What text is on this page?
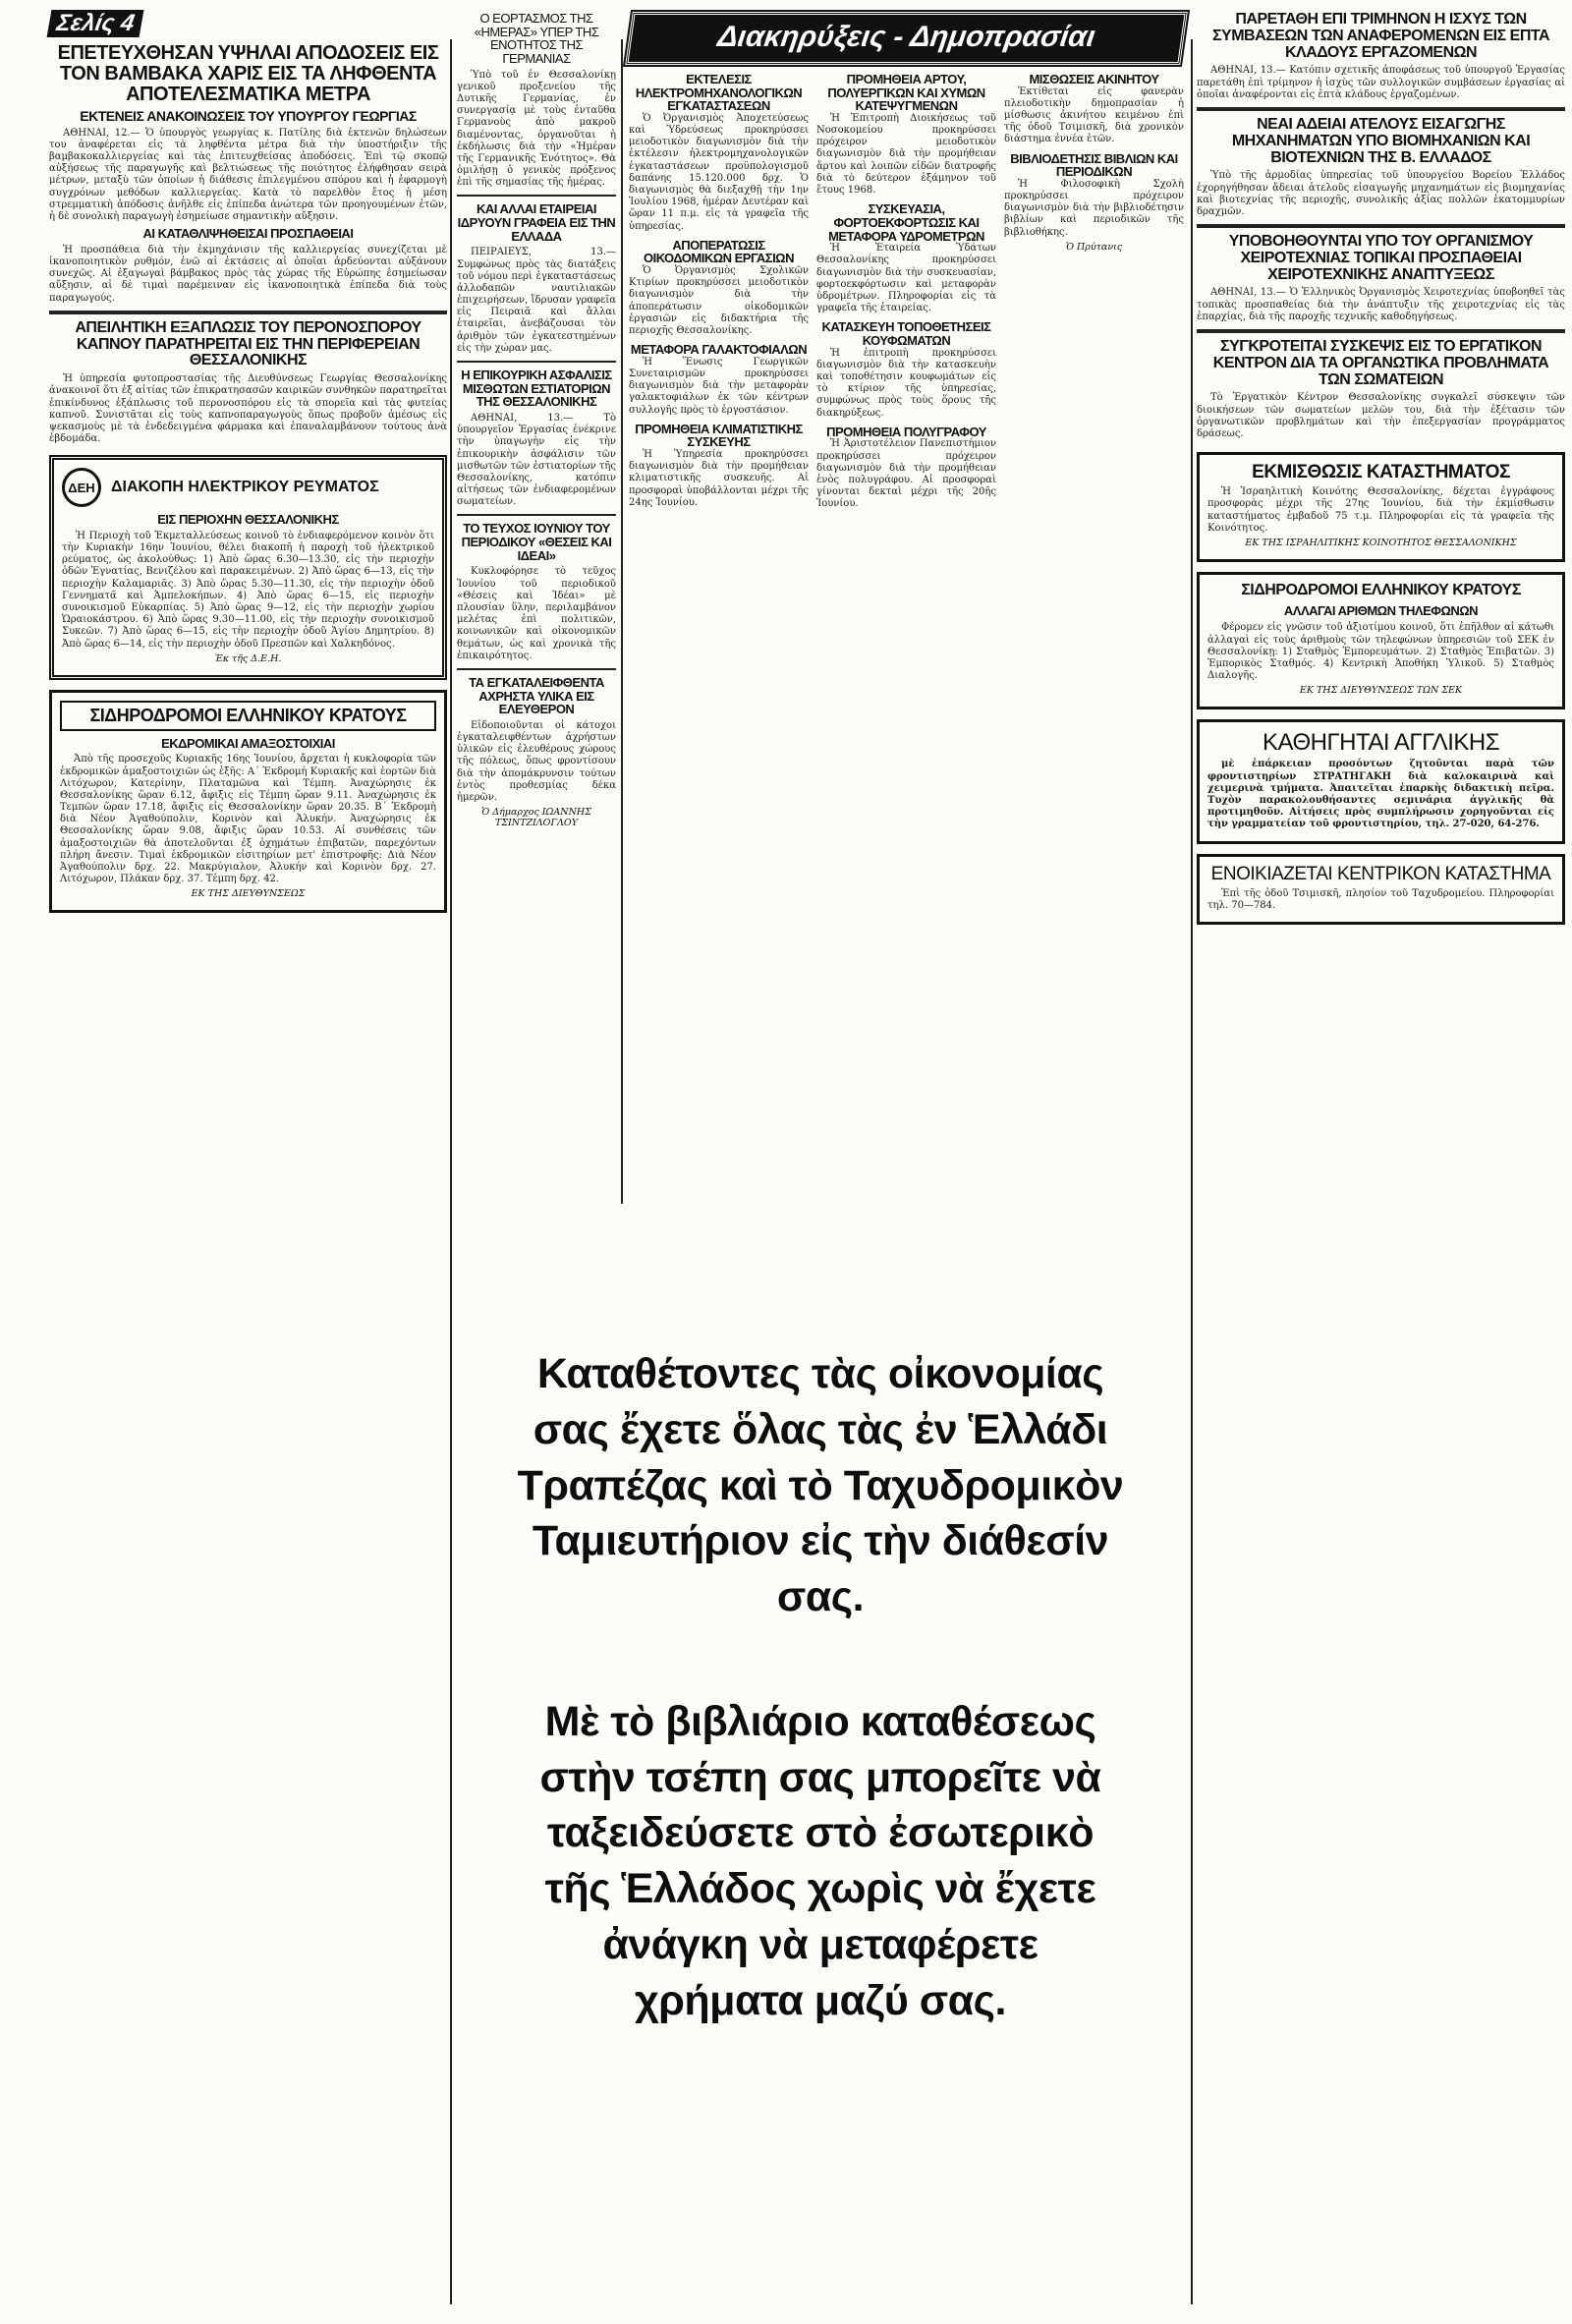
Σελίς 4
ΕΠΕΤΕΥΧΘΗΣΑΝ ΥΨΗΛΑΙ ΑΠΟΔΟΣΕΙΣ ΕΙΣ ΤΟΝ ΒΑΜΒΑΚΑ ΧΑΡΙΣ ΕΙΣ ΤΑ ΛΗΦΘΕΝΤΑ ΑΠΟΤΕΛΕΣΜΑΤΙΚΑ ΜΕΤΡΑ
ΕΚΤΕΝΕΙΣ ΑΝΑΚΟΙΝΩΣΕΙΣ ΤΟΥ ΥΠΟΥΡΓΟΥ ΓΕΩΡΓΙΑΣ

ΑΘΗΝΑΙ, 12.— Ὁ ὑπουργὸς γεωργίας κ. Πατίλης διὰ ἐκτενῶν δηλώσεων του ἀναφέρεται εἰς τὰ ληφθέντα μέτρα διὰ τὴν ὑποστήριξιν τῆς βαμβακοκαλλιεργείας καὶ τὰς ἐπιτευχθείσας ἀποδόσεις. Ἐπὶ τῷ σκοπῷ αὐξήσεως τῆς παραγωγῆς καὶ βελτιώσεως τῆς ποιότητος ἐλήφθησαν σειρὰ μέτρων, μεταξὺ τῶν ὁποίων ἡ διάθεσις ἐπιλεγμένου σπόρου καὶ ἡ ἐφαρμογὴ συγχρόνων μεθόδων καλλιεργείας. Κατὰ τὸ παρελθὸν ἔτος ἡ μέση στρεμματικὴ ἀπόδοσις ἀνῆλθε εἰς ἐπίπεδα ἀνώτερα τῶν προηγουμένων ἐτῶν, ἡ δὲ συνολικὴ παραγωγὴ ἐσημείωσε σημαντικὴν αὔξησιν.

ΑΙ ΚΑΤΑΘΛΙΨΗΘΕΙΣΑΙ ΠΡΟΣΠΑΘΕΙΑΙ

Ἡ προσπάθεια διὰ τὴν ἐκμηχάνισιν τῆς καλλιεργείας συνεχίζεται μὲ ἱκανοποιητικὸν ρυθμόν, ἐνῶ αἱ ἐκτάσεις αἱ ὁποῖαι ἀρδεύονται αὐξάνουν συνεχῶς. Αἱ ἐξαγωγαὶ βάμβακος πρὸς τὰς χώρας τῆς Εὐρώπης ἐσημείωσαν αὔξησιν, αἱ δὲ τιμαὶ παρέμειναν εἰς ἱκανοποιητικὰ ἐπίπεδα διὰ τοὺς παραγωγούς.

ΑΠΕΙΛΗΤΙΚΗ ΕΞΑΠΛΩΣΙΣ ΤΟΥ ΠΕΡΟΝΟΣΠΟΡΟΥ ΚΑΠΝΟΥ ΠΑΡΑΤΗΡΕΙΤΑΙ ΕΙΣ ΤΗΝ ΠΕΡΙΦΕΡΕΙΑΝ ΘΕΣΣΑΛΟΝΙΚΗΣ

Ἡ ὑπηρεσία φυτοπροστασίας τῆς Διευθύνσεως Γεωργίας Θεσσαλονίκης ἀνακοινοῖ ὅτι ἐξ αἰτίας τῶν ἐπικρατησασῶν καιρικῶν συνθηκῶν παρατηρεῖται ἐπικίνδυνος ἐξάπλωσις τοῦ περονοσπόρου εἰς τὰ σπορεῖα καὶ τὰς φυτείας καπνοῦ. Συνιστᾶται εἰς τοὺς καπνοπαραγωγοὺς ὅπως προβοῦν ἀμέσως εἰς ψεκασμοὺς μὲ τὰ ἐνδεδειγμένα φάρμακα καὶ ἐπαναλαμβάνουν τούτους ἀνὰ ἑβδομάδα.

ΔΕΗ	ΔΙΑΚΟΠΗ ΗΛΕΚΤΡΙΚΟΥ ΡΕΥΜΑΤΟΣ
ΕΙΣ ΠΕΡΙΟΧΗΝ ΘΕΣΣΑΛΟΝΙΚΗΣ

Ἡ Περιοχὴ τοῦ Ἐκμεταλλεύσεως κοινοῦ τὸ ἐνδιαφερόμενον κοινὸν ὅτι τὴν Κυριακὴν 16ην Ἰουνίου, θέλει διακοπῆ ἡ παροχὴ τοῦ ἠλεκτρικοῦ ρεύματος, ὡς ἀκολούθως: 1) Ἀπὸ ὥρας 6.30—13.30, εἰς τὴν περιοχὴν ὁδῶν Ἐγνατίας, Βενιζέλου καὶ παρακειμένων. 2) Ἀπὸ ὥρας 6—13, εἰς τὴν περιοχὴν Καλαμαριᾶς. 3) Ἀπὸ ὥρας 5.30—11.30, εἰς τὴν περιοχὴν ὁδοῦ Γεννηματᾶ καὶ Ἀμπελοκήπων. 4) Ἀπὸ ὥρας 6—15, εἰς περιοχὴν συνοικισμοῦ Εὐκαρπίας. 5) Ἀπὸ ὥρας 9—12, εἰς τὴν περιοχὴν χωρίου Ὡραιοκάστρου. 6) Ἀπὸ ὥρας 9.30—11.00, εἰς τὴν περιοχὴν συνοικισμοῦ Συκεῶν. 7) Ἀπὸ ὥρας 6—15, εἰς τὴν περιοχὴν ὁδοῦ Ἁγίου Δημητρίου. 8) Ἀπὸ ὥρας 6—14, εἰς τὴν περιοχὴν ὁδοῦ Πρεσπῶν καὶ Χαλκηδόνος.

Ἐκ τῆς Δ.Ε.Η.
ΣΙΔΗΡΟΔΡΟΜΟΙ ΕΛΛΗΝΙΚΟΥ ΚΡΑΤΟΥΣ
ΕΚΔΡΟΜΙΚΑΙ ΑΜΑΞΟΣΤΟΙΧΙΑΙ

Ἀπὸ τῆς προσεχοῦς Κυριακῆς 16ης Ἰουνίου, ἄρχεται ἡ κυκλοφορία τῶν ἐκδρομικῶν ἀμαξοστοιχιῶν ὡς ἑξῆς: Α΄ Ἐκδρομὴ Κυριακῆς καὶ ἑορτῶν διὰ Λιτόχωρον, Κατερίνην, Πλαταμῶνα καὶ Τέμπη. Ἀναχώρησις ἐκ Θεσσαλονίκης ὥραν 6.12, ἄφιξις εἰς Τέμπη ὥραν 9.11. Ἀναχώρησις ἐκ Τεμπῶν ὥραν 17.18, ἄφιξις εἰς Θεσσαλονίκην ὥραν 20.35. Β΄ Ἐκδρομὴ διὰ Νέον Ἀγαθούπολιν, Κορινὸν καὶ Ἀλυκήν. Ἀναχώρησις ἐκ Θεσσαλονίκης ὥραν 9.08, ἄφιξις ὥραν 10.53. Αἱ συνθέσεις τῶν ἀμαξοστοιχιῶν θὰ ἀποτελοῦνται ἐξ ὀχημάτων ἐπιβατῶν, παρεχόντων πλήρη ἄνεσιν. Τιμαὶ ἐκδρομικῶν εἰσιτηρίων μετ' ἐπιστροφῆς: Διὰ Νέον Ἀγαθούπολιν δρχ. 22. Μακρύγιαλον, Ἀλυκήν καὶ Κορινὸν δρχ. 27. Λιτόχωρον, Πλάκαν δρχ. 37. Τέμπη δρχ. 42.

ΕΚ ΤΗΣ ΔΙΕΥΘΥΝΣΕΩΣ
Ο ΕΟΡΤΑΣΜΟΣ ΤΗΣ «ΗΜΕΡΑΣ» ΥΠΕΡ ΤΗΣ ΕΝΟΤΗΤΟΣ ΤΗΣ ΓΕΡΜΑΝΙΑΣ

Ὑπὸ τοῦ ἐν Θεσσαλονίκῃ γενικοῦ προξενείου τῆς Δυτικῆς Γερμανίας, ἐν συνεργασίᾳ μὲ τοὺς ἐνταῦθα Γερμανοὺς ἀπὸ μακροῦ διαμένοντας, ὀργανοῦται ἡ ἐκδήλωσις διὰ τὴν «Ἡμέραν τῆς Γερμανικῆς Ἑνότητος». Θὰ ὁμιλήσῃ ὁ γενικὸς πρόξενος ἐπὶ τῆς σημασίας τῆς ἡμέρας.

ΚΑΙ ΑΛΛΑΙ ΕΤΑΙΡΕΙΑΙ ΙΔΡΥΟΥΝ ΓΡΑΦΕΙΑ ΕΙΣ ΤΗΝ ΕΛΛΑΔΑ

ΠΕΙΡΑΙΕΥΣ, 13.— Συμφώνως πρὸς τὰς διατάξεις τοῦ νόμου περὶ ἐγκαταστάσεως ἀλλοδαπῶν ναυτιλιακῶν ἐπιχειρήσεων, ἵδρυσαν γραφεῖα εἰς Πειραιᾶ καὶ ἄλλαι ἐταιρεῖαι, ἀνεβάζουσαι τὸν ἀριθμὸν τῶν ἐγκατεστημένων εἰς τὴν χώραν μας.

Η ΕΠΙΚΟΥΡΙΚΗ ΑΣΦΑΛΙΣΙΣ ΜΙΣΘΩΤΩΝ ΕΣΤΙΑΤΟΡΙΩΝ ΤΗΣ ΘΕΣΣΑΛΟΝΙΚΗΣ

ΑΘΗΝΑΙ, 13.— Τὸ ὑπουργεῖον Ἐργασίας ἐνέκρινε τὴν ὑπαγωγὴν εἰς τὴν ἐπικουρικὴν ἀσφάλισιν τῶν μισθωτῶν τῶν ἐστιατορίων τῆς Θεσσαλονίκης, κατόπιν αἰτήσεως τῶν ἐνδιαφερομένων σωματείων.

ΤΟ ΤΕΥΧΟΣ ΙΟΥΝΙΟΥ ΤΟΥ ΠΕΡΙΟΔΙΚΟΥ «ΘΕΣΕΙΣ ΚΑΙ ΙΔΕΑΙ»

Κυκλοφόρησε τὸ τεῦχος Ἰουνίου τοῦ περιοδικοῦ «Θέσεις καὶ Ἰδέαι» μὲ πλουσίαν ὕλην, περιλαμβάνον μελέτας ἐπὶ πολιτικῶν, κοινωνικῶν καὶ οἰκονομικῶν θεμάτων, ὡς καὶ χρονικὰ τῆς ἐπικαιρότητος.

ΤΑ ΕΓΚΑΤΑΛΕΙΦΘΕΝΤΑ ΑΧΡΗΣΤΑ ΥΛΙΚΑ ΕΙΣ ΕΛΕΥΘΕΡΟΝ

Εἰδοποιοῦνται οἱ κάτοχοι ἐγκαταλειφθέντων ἀχρήστων ὑλικῶν εἰς ἐλευθέρους χώρους τῆς πόλεως, ὅπως φροντίσουν διὰ τὴν ἀπομάκρυνσιν τούτων ἐντὸς προθεσμίας δέκα ἡμερῶν.

Ὁ Δήμαρχος ΙΩΑΝΝΗΣ ΤΣΙΝΤΖΙΛΟΓΛΟΥ
Διακηρύξεις - Δημοπρασίαι
ΕΚΤΕΛΕΣΙΣ ΗΛΕΚΤΡΟΜΗΧΑΝΟΛΟΓΙΚΩΝ ΕΓΚΑΤΑΣΤΑΣΕΩΝ

Ὁ Ὀργανισμὸς Ἀποχετεύσεως καὶ Ὑδρεύσεως προκηρύσσει μειοδοτικὸν διαγωνισμὸν διὰ τὴν ἐκτέλεσιν ἠλεκτρομηχανολογικῶν ἐγκαταστάσεων προϋπολογισμοῦ δαπάνης 15.120.000 δρχ. Ὁ διαγωνισμὸς θὰ διεξαχθῇ τὴν 1ην Ἰουλίου 1968, ἡμέραν Δευτέραν καὶ ὥραν 11 π.μ. εἰς τὰ γραφεῖα τῆς ὑπηρεσίας.

ΑΠΟΠΕΡΑΤΩΣΙΣ ΟΙΚΟΔΟΜΙΚΩΝ ΕΡΓΑΣΙΩΝ

Ὁ Ὀργανισμὸς Σχολικῶν Κτιρίων προκηρύσσει μειοδοτικὸν διαγωνισμὸν διὰ τὴν ἀποπεράτωσιν οἰκοδομικῶν ἐργασιῶν εἰς διδακτήρια τῆς περιοχῆς Θεσσαλονίκης.

ΜΕΤΑΦΟΡΑ ΓΑΛΑΚΤΟΦΙΑΛΩΝ

Ἡ Ἕνωσις Γεωργικῶν Συνεταιρισμῶν προκηρύσσει διαγωνισμὸν διὰ τὴν μεταφορὰν γαλακτοφιάλων ἐκ τῶν κέντρων συλλογῆς πρὸς τὸ ἐργοστάσιον.

ΠΡΟΜΗΘΕΙΑ ΚΛΙΜΑΤΙΣΤΙΚΗΣ ΣΥΣΚΕΥΗΣ

Ἡ Ὑπηρεσία προκηρύσσει διαγωνισμὸν διὰ τὴν προμήθειαν κλιματιστικῆς συσκευῆς. Αἱ προσφοραὶ ὑποβάλλονται μέχρι τῆς 24ης Ἰουνίου.

ΠΡΟΜΗΘΕΙΑ ΑΡΤΟΥ, ΠΟΛΥΕΡΓΙΚΩΝ ΚΑΙ ΧΥΜΩΝ ΚΑΤΕΨΥΓΜΕΝΩΝ

Ἡ Ἐπιτροπὴ Διοικήσεως τοῦ Νοσοκομείου προκηρύσσει πρόχειρον μειοδοτικὸν διαγωνισμὸν διὰ τὴν προμήθειαν ἄρτου καὶ λοιπῶν εἰδῶν διατροφῆς διὰ τὸ δεύτερον ἑξάμηνον τοῦ ἔτους 1968.

ΣΥΣΚΕΥΑΣΙΑ, ΦΟΡΤΟΕΚΦΟΡΤΩΣΙΣ ΚΑΙ ΜΕΤΑΦΟΡΑ ΥΔΡΟΜΕΤΡΩΝ

Ἡ Ἑταιρεία Ὑδάτων Θεσσαλονίκης προκηρύσσει διαγωνισμὸν διὰ τὴν συσκευασίαν, φορτοεκφόρτωσιν καὶ μεταφορὰν ὑδρομέτρων. Πληροφορίαι εἰς τὰ γραφεῖα τῆς ἑταιρείας.

ΚΑΤΑΣΚΕΥΗ ΤΟΠΟΘΕΤΗΣΕΙΣ ΚΟΥΦΩΜΑΤΩΝ

Ἡ ἐπιτροπὴ προκηρύσσει διαγωνισμὸν διὰ τὴν κατασκευὴν καὶ τοποθέτησιν κουφωμάτων εἰς τὸ κτίριον τῆς ὑπηρεσίας, συμφώνως πρὸς τοὺς ὅρους τῆς διακηρύξεως.

ΠΡΟΜΗΘΕΙΑ ΠΟΛΥΓΡΑΦΟΥ

Ἡ Ἀριστοτέλειον Πανεπιστήμιον προκηρύσσει πρόχειρον διαγωνισμὸν διὰ τὴν προμήθειαν ἑνὸς πολυγράφου. Αἱ προσφοραὶ γίνονται δεκταὶ μέχρι τῆς 20ῆς Ἰουνίου.

ΜΙΣΘΩΣΕΙΣ ΑΚΙΝΗΤΟΥ

Ἐκτίθεται εἰς φανερὰν πλειοδοτικὴν δημοπρασίαν ἡ μίσθωσις ἀκινήτου κειμένου ἐπὶ τῆς ὁδοῦ Τσιμισκῆ, διὰ χρονικὸν διάστημα ἐννέα ἐτῶν.

ΒΙΒΛΙΟΔΕΤΗΣΙΣ ΒΙΒΛΙΩΝ ΚΑΙ ΠΕΡΙΟΔΙΚΩΝ

Ἡ Φιλοσοφικὴ Σχολὴ προκηρύσσει πρόχειρον διαγωνισμὸν διὰ τὴν βιβλιοδέτησιν βιβλίων καὶ περιοδικῶν τῆς βιβλιοθήκης.

Ὁ Πρύτανις
Καταθέτοντες τὰς οἰκονομίας σας ἔχετε ὅλας τὰς ἐν Ἑλλάδι Τραπέζας καὶ τὸ Ταχυδρομικὸν Ταμιευτήριον εἰς τὴν διάθεσίν σας.
Μὲ τὸ βιβλιάριο καταθέσεως στὴν τσέπη σας μπορεῖτε νὰ ταξειδεύσετε στὸ ἐσωτερικὸ τῆς Ἑλλάδος χωρὶς νὰ ἔχετε ἀνάγκη νὰ μεταφέρετε χρήματα μαζύ σας.
ΠΑΡΕΤΑΘΗ ΕΠΙ ΤΡΙΜΗΝΟΝ Η ΙΣΧΥΣ ΤΩΝ ΣΥΜΒΑΣΕΩΝ ΤΩΝ ΑΝΑΦΕΡΟΜΕΝΩΝ ΕΙΣ ΕΠΤΑ ΚΛΑΔΟΥΣ ΕΡΓΑΖΟΜΕΝΩΝ

ΑΘΗΝΑΙ, 13.— Κατόπιν σχετικῆς ἀποφάσεως τοῦ ὑπουργοῦ Ἐργασίας παρετάθη ἐπὶ τρίμηνον ἡ ἰσχὺς τῶν συλλογικῶν συμβάσεων ἐργασίας αἱ ὁποῖαι ἀναφέρονται εἰς ἑπτὰ κλάδους ἐργαζομένων.

ΝΕΑΙ ΑΔΕΙΑΙ ΑΤΕΛΟΥΣ ΕΙΣΑΓΩΓΗΣ ΜΗΧΑΝΗΜΑΤΩΝ ΥΠΟ ΒΙΟΜΗΧΑΝΙΩΝ ΚΑΙ ΒΙΟΤΕΧΝΙΩΝ ΤΗΣ Β. ΕΛΛΑΔΟΣ

Ὑπὸ τῆς ἁρμοδίας ὑπηρεσίας τοῦ ὑπουργείου Βορείου Ἑλλάδος ἐχορηγήθησαν ἄδειαι ἀτελοῦς εἰσαγωγῆς μηχανημάτων εἰς βιομηχανίας καὶ βιοτεχνίας τῆς περιοχῆς, συνολικῆς ἀξίας πολλῶν ἑκατομμυρίων δραχμῶν.

ΥΠΟΒΟΗΘΟΥΝΤΑΙ ΥΠΟ ΤΟΥ ΟΡΓΑΝΙΣΜΟΥ ΧΕΙΡΟΤΕΧΝΙΑΣ ΤΟΠΙΚΑΙ ΠΡΟΣΠΑΘΕΙΑΙ ΧΕΙΡΟΤΕΧΝΙΚΗΣ ΑΝΑΠΤΥΞΕΩΣ

ΑΘΗΝΑΙ, 13.— Ὁ Ἑλληνικὸς Ὀργανισμὸς Χειροτεχνίας ὑποβοηθεῖ τὰς τοπικὰς προσπαθείας διὰ τὴν ἀνάπτυξιν τῆς χειροτεχνίας εἰς τὰς ἐπαρχίας, διὰ τῆς παροχῆς τεχνικῆς καθοδηγήσεως.

ΣΥΓΚΡΟΤΕΙΤΑΙ ΣΥΣΚΕΨΙΣ ΕΙΣ ΤΟ ΕΡΓΑΤΙΚΟΝ ΚΕΝΤΡΟΝ ΔΙΑ ΤΑ ΟΡΓΑΝΩΤΙΚΑ ΠΡΟΒΛΗΜΑΤΑ ΤΩΝ ΣΩΜΑΤΕΙΩΝ

Τὸ Ἐργατικὸν Κέντρον Θεσσαλονίκης συγκαλεῖ σύσκεψιν τῶν διοικήσεων τῶν σωματείων μελῶν του, διὰ τὴν ἐξέτασιν τῶν ὀργανωτικῶν προβλημάτων καὶ τὴν ἐπεξεργασίαν προγράμματος δράσεως.

ΕΚΜΙΣΘΩΣΙΣ ΚΑΤΑΣΤΗΜΑΤΟΣ

Ἡ Ἰσραηλιτικὴ Κοινότης Θεσσαλονίκης, δέχεται ἐγγράφους προσφορὰς μέχρι τῆς 27ης Ἰουνίου, διὰ τὴν ἐκμίσθωσιν καταστήματος ἐμβαδοῦ 75 τ.μ. Πληροφορίαι εἰς τὰ γραφεῖα τῆς Κοινότητος.

ΕΚ ΤΗΣ ΙΣΡΑΗΛΙΤΙΚΗΣ ΚΟΙΝΟΤΗΤΟΣ ΘΕΣΣΑΛΟΝΙΚΗΣ
ΣΙΔΗΡΟΔΡΟΜΟΙ ΕΛΛΗΝΙΚΟΥ ΚΡΑΤΟΥΣ
ΑΛΛΑΓΑΙ ΑΡΙΘΜΩΝ ΤΗΛΕΦΩΝΩΝ

Φέρομεν εἰς γνῶσιν τοῦ ἀξιοτίμου κοινοῦ, ὅτι ἐπῆλθον αἱ κάτωθι ἀλλαγαὶ εἰς τοὺς ἀριθμοὺς τῶν τηλεφώνων ὑπηρεσιῶν τοῦ ΣΕΚ ἐν Θεσσαλονίκῃ: 1) Σταθμὸς Ἐμπορευμάτων. 2) Σταθμὸς Ἐπιβατῶν. 3) Ἐμπορικὸς Σταθμός. 4) Κεντρικὴ Ἀποθήκη Ὑλικοῦ. 5) Σταθμὸς Διαλογῆς.

ΕΚ ΤΗΣ ΔΙΕΥΘΥΝΣΕΩΣ ΤΩΝ ΣΕΚ
ΚΑΘΗΓΗΤΑΙ ΑΓΓΛΙΚΗΣ

μὲ ἐπάρκειαν προσόντων ζητοῦνται παρὰ τῶν φροντιστηρίων ΣΤΡΑΤΗΓΑΚΗ διὰ καλοκαιρινὰ καὶ χειμερινὰ τμήματα. Ἀπαιτεῖται ἐπαρκὴς διδακτικὴ πεῖρα. Τυχὸν παρακολουθήσαντες σεμινάρια ἀγγλικῆς θὰ προτιμηθοῦν. Αἰτήσεις πρὸς συμπλήρωσιν χορηγοῦνται εἰς τὴν γραμματείαν τοῦ φροντιστηρίου, τηλ. 27-020, 64-276.

ΕΝΟΙΚΙΑΖΕΤΑΙ ΚΕΝΤΡΙΚΟΝ ΚΑΤΑΣΤΗΜΑ

Ἐπὶ τῆς ὁδοῦ Τσιμισκῆ, πλησίον τοῦ Ταχυδρομείου. Πληροφορίαι τηλ. 70—784.
